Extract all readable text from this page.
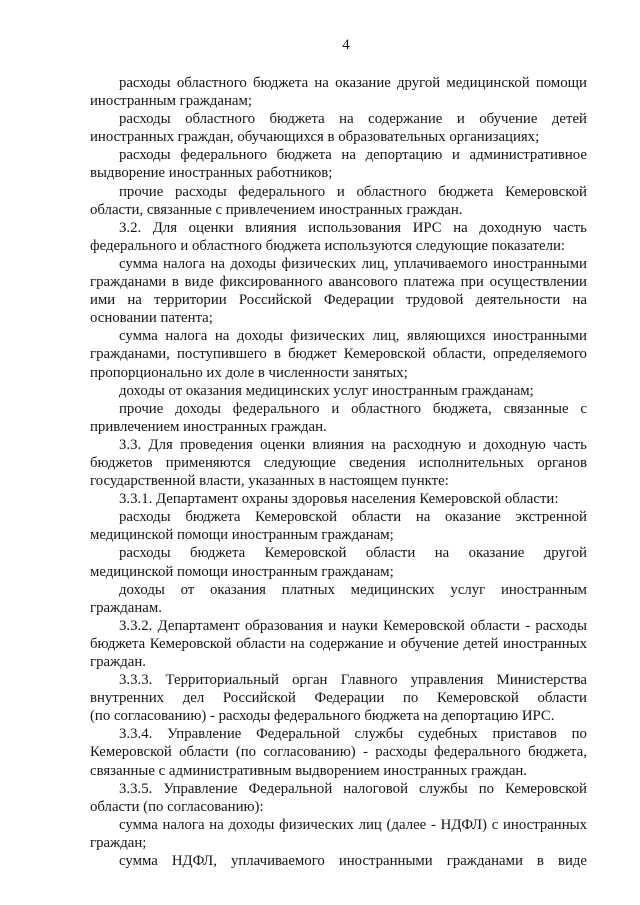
4
расходы областного бюджета на оказание другой медицинской помощи
иностранным гражданам;
расходы областного бюджета на содержание и обучение детей
иностранных граждан, обучающихся в образовательных организациях;
расходы федерального бюджета на депортацию и административное
выдворение иностранных работников;
прочие расходы федерального и областного бюджета Кемеровской
области, связанные с привлечением иностранных граждан.
3.2. Для оценки влияния использования ИРС на доходную часть
федерального и областного бюджета используются следующие показатели:
сумма налога на доходы физических лиц, уплачиваемого иностранными
гражданами в виде фиксированного авансового платежа при осуществлении
ими на территории Российской Федерации трудовой деятельности на
основании патента;
сумма налога на доходы физических лиц, являющихся иностранными
гражданами, поступившего в бюджет Кемеровской области, определяемого
пропорционально их доле в численности занятых;
доходы от оказания медицинских услуг иностранным гражданам;
прочие доходы федерального и областного бюджета, связанные с
привлечением иностранных граждан.
3.3. Для проведения оценки влияния на расходную и доходную часть
бюджетов применяются следующие сведения исполнительных органов
государственной власти, указанных в настоящем пункте:
3.3.1. Департамент охраны здоровья населения Кемеровской области:
расходы бюджета Кемеровской области на оказание экстренной
медицинской помощи иностранным гражданам;
расходы бюджета Кемеровской области на оказание другой
медицинской помощи иностранным гражданам;
доходы от оказания платных медицинских услуг иностранным
гражданам.
3.3.2. Департамент образования и науки Кемеровской области - расходы
бюджета Кемеровской области на содержание и обучение детей иностранных
граждан.
3.3.3. Территориальный орган Главного управления Министерства
внутренних дел Российской Федерации по Кемеровской области
(по согласованию) - расходы федерального бюджета на депортацию ИРС.
3.3.4. Управление Федеральной службы судебных приставов по
Кемеровской области (по согласованию) - расходы федерального бюджета,
связанные с административным выдворением иностранных граждан.
3.3.5. Управление Федеральной налоговой службы по Кемеровской
области (по согласованию):
сумма налога на доходы физических лиц (далее - НДФЛ) с иностранных
граждан;
сумма НДФЛ, уплачиваемого иностранными гражданами в виде
